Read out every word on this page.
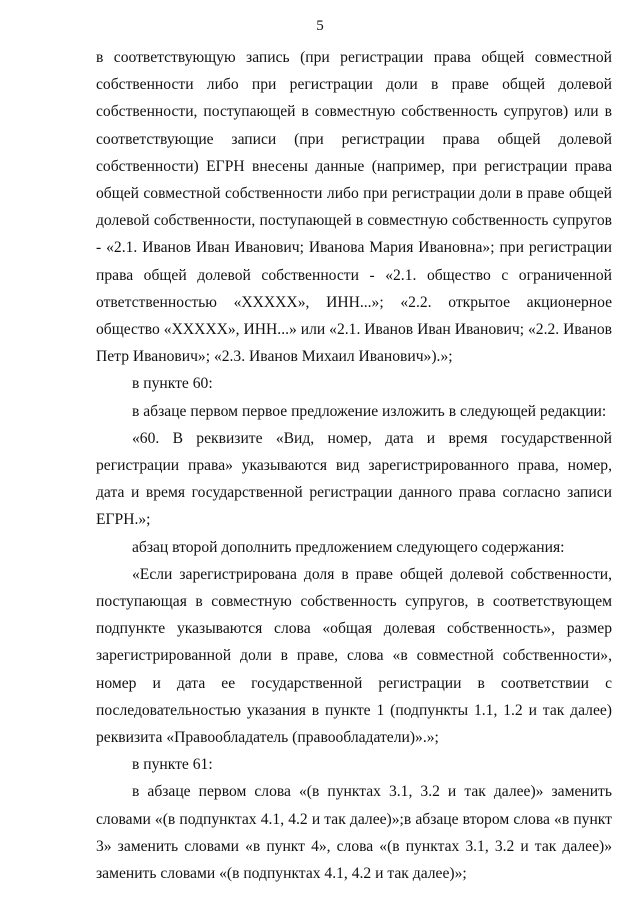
5

в соответствующую запись (при регистрации права общей совместной собственности либо при регистрации доли в праве общей долевой собственности, поступающей в совместную собственность супругов) или в соответствующие записи (при регистрации права общей долевой собственности) ЕГРН внесены данные (например, при регистрации права общей совместной собственности либо при регистрации доли в праве общей долевой собственности, поступающей в совместную собственность супругов - «2.1. Иванов Иван Иванович; Иванова Мария Ивановна»; при регистрации права общей долевой собственности - «2.1. общество с ограниченной ответственностью «XXXXX», ИНН...»; «2.2. открытое акционерное общество «XXXXX», ИНН...» или «2.1. Иванов Иван Иванович; «2.2. Иванов Петр Иванович»; «2.3. Иванов Михаил Иванович»).»;

в пункте 60:

в абзаце первом первое предложение изложить в следующей редакции:

«60. В реквизите «Вид, номер, дата и время государственной регистрации права» указываются вид зарегистрированного права, номер, дата и время государственной регистрации данного права согласно записи ЕГРН.»;

абзац второй дополнить предложением следующего содержания:

«Если зарегистрирована доля в праве общей долевой собственности, поступающая в совместную собственность супругов, в соответствующем подпункте указываются слова «общая долевая собственность», размер зарегистрированной доли в праве, слова «в совместной собственности», номер и дата ее государственной регистрации в соответствии с последовательностью указания в пункте 1 (подпункты 1.1, 1.2 и так далее) реквизита «Правообладатель (правообладатели)».»;

в пункте 61:

в абзаце первом слова «(в пунктах 3.1, 3.2 и так далее)» заменить словами «(в подпунктах 4.1, 4.2 и так далее)»;в абзаце втором слова «в пункт 3» заменить словами «в пункт 4», слова «(в пунктах 3.1, 3.2 и так далее)» заменить словами «(в подпунктах 4.1, 4.2 и так далее)»;
